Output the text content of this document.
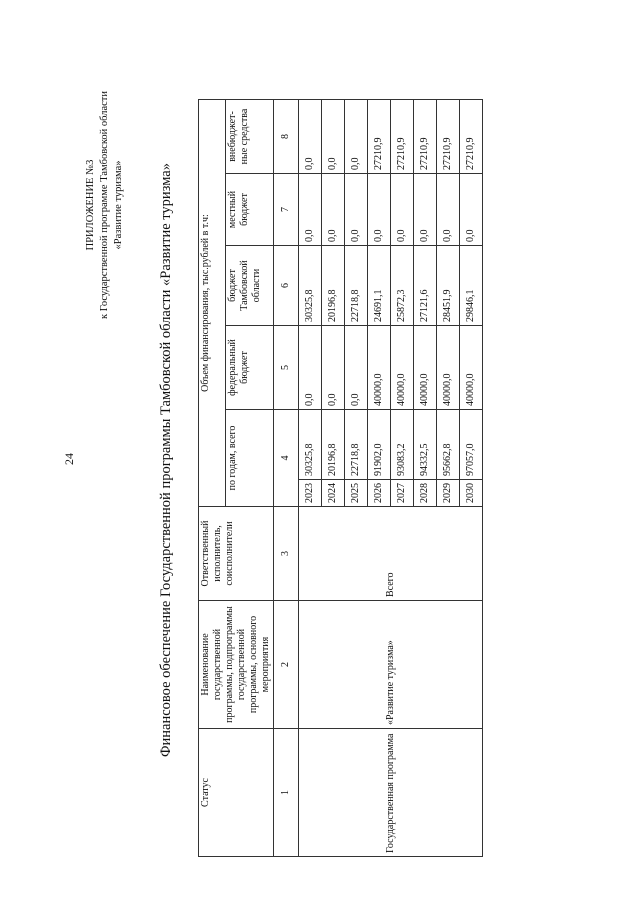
24
ПРИЛОЖЕНИЕ №3 к Государственной программе Тамбовской области «Развитие туризма» Финансовое обеспечение Государственной программы Тамбовской области «Развитие туризма»
Статус	Наименование государственной программы, подпрограммы государственной программы, основного мероприятия	Ответственный исполнитель, соисполнители	Объем финансирования, тыс.рублей в т.ч:					
			по годам, всего		федеральный бюджет	бюджет Тамбовской области	местный бюджет	внебюджет-ные средства
1	2	3	4		5	6	7	8
Государственная программа	«Развитие туризма»	Всего	2023	30325,8	0,0	30325,8	0,0	0,0
			2024	20196,8	0,0	20196,8	0,0	0,0
			2025	22718,8	0,0	22718,8	0,0	0,0
			2026	91902,0	40000,0	24691,1	0,0	27210,9
			2027	93083,2	40000,0	25872,3	0,0	27210,9
			2028	94332,5	40000,0	27121,6	0,0	27210,9
			2029	95662,8	40000,0	28451,9	0,0	27210,9
			2030	97057,0	40000,0	29846,1	0,0	27210,9
